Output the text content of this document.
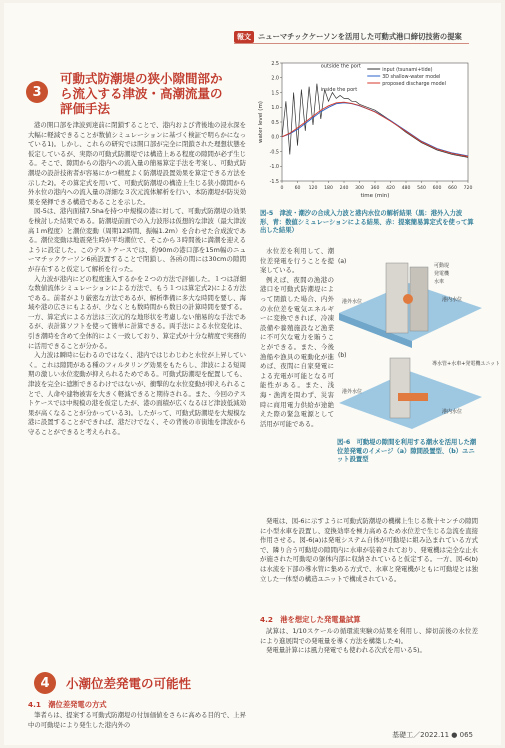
報文 ニューマチックケーソンを活用した可動式港口締切技術の提案
3
可動式防潮堤の狭小隙間部か
ら流入する津波・高潮流量の
評価手法

港の開口部を津波到達前に閉鎖することで、港内および背後地の浸水深を大幅に軽減できることが数値シミュレーションに基づく検証で明らかになっている1)。しかし、これらの研究では開口部が完全に閉鎖された理想状態を仮定しているが、実際の可動式防潮堤では構造上ある程度の隙間が必ず生じる。そこで、隙間からの港内への流入量の簡易算定手法を考案し、可動式防潮堤の設計技術者が容易にかつ精度よく防潮堤設置効果を算定できる方法を示した2)。その算定式を用いて、可動式防潮堤の構造上生じる狭小隙間から外水位の港内への流入量の詳細な３次元流体解析を行い、本防潮堤が防災効果を発揮できる構造であることを示した。

図-5は、港内面積7.5haを持つ中規模の港に対して、可動式防潮堤の効果を検討した結果である。防潮堤前面での入力波形は仮想的な津波（最大津波高１m程度）と潮位変動（周期12時間、振幅1.2m）を合わせた合成波である。潮位変動は地震発生時が平均潮位で、そこから３時間後に満潮を迎えるように設定した。このテストケースでは、約90mの港口部を15m幅のニューマチックケーソン6函設置することで閉鎖し、各函の間には30cmの隙間が存在すると仮定して解析を行った。

入力波が港内にどの程度進入するかを２つの方法で評価した。１つは詳細な数値流体シミュレーションによる方法で、もう１つは算定式2)による方法である。前者がより厳密な方法であるが、解析準備に多大な時間を要し、海域や港の広さにもよるが、少なくとも数時間から数日の計算時間を要する。一方、算定式による方法は三次元的な地形状を考慮しない簡易的な手法であるが、表計算ソフトを使って簡単に計算できる。両手法による水位変化は、引き潮時を含めて全体的によく一致しており、算定式が十分な精度で実務的に活用できることが分かる。

入力波は瞬時に伝わるのではなく、港内ではじわじわと水位が上昇していく。これは隙間がある種のフィルタリング効果をもたらし、津波による短周期の激しい水位変動が抑えられるためである。可動式防潮堤を配置しても、津波を完全に遮断できるわけではないが、衝撃的な水位変動が抑えられることで、人命や建物被害を大きく軽減できると期待される。また、今回のテストケースでは中規模の港を仮定したが、港の面積が広くなるほど津波低減効果が高くなることが分かっている3)。したがって、可動式防潮堤を大規模な港に設置することができれば、港だけでなく、その背後の市街地を津波から守ることができると考えられる。

4	小潮位差発電の可能性
4.1　潮位差発電の方式

筆者らは、提案する可動式防潮堤の付加価値をさらに高める目的で、上昇中の可動堤により発生した港内外の

-1.5
-1.0
-0.5
0.0
0.5
1.0
1.5
2.0
2.5
0 60 120 180 240 300 360 420 480 540 600 660 720
time (min)
water level (m)
outside the port
inside the port
input (tsunami+tide)
3D shallow-water model
proposed discharge model
図-5　津波・潮汐の合成入力波と港内水位の解析結果（黒：港外入力波形、青：数値シミュレーションによる結果、赤：提案簡易算定式を使って算出した結果）

水位差を利用して、潮位差発電を行うことを提案している。

例えば、夜間の漁港の港口を可動式防潮堤によって閉鎖した場合、内外の水位差を電気エネルギーに変換できれば、冷凍設備や養殖施設など漁業に不可欠な電力を賄うことができる。また、今後漁船や漁具の電動化が進めば、夜間に自家発電による充電が可能となる可能性がある。また、浅海・漁湾を問わず、災害時に商用電力供給が途絶えた際の緊急電源として活用が可能である。

(a)
可動堤
発電機
水車
港外水位	港内水位
(b)
導水管+水車+発電機ユニット
港外水位
港内水位
図-6　可動堤の隙間を利用する潮水を活用した潮位差発電のイメージ（a）隙間設置型、（b）ユニット設置型

発電は、図-6に示すように可動式防潮堤の機構上生じる数十センチの隙間に小型水車を設置し、変換効率を極力高めるため水位差で生じる急流を直接作用させる。図-6(a)は発電システム自体が可動堤に組み込まれている方式で、隣り合う可動堤の隙間内に水車が装着されており、発電機は完全な止水が施された可動堤の躯体内部に収納されていると仮定する。一方、図-6(b)は水流を下部の導水管に集める方式で、水車と発電機がともに可動堤とは独立した一体型の構造ユニットで構成されている。

4.2　港を想定した発電量試算

試算は、1/10スケールの循環流実験の結果を利用し、締切前後の水位差により進展問での発電量を導く方法を構築した4)。

発電量計算には風力発電でも使われる次式を用いる5)。

基礎工／2022.11 ● 065
